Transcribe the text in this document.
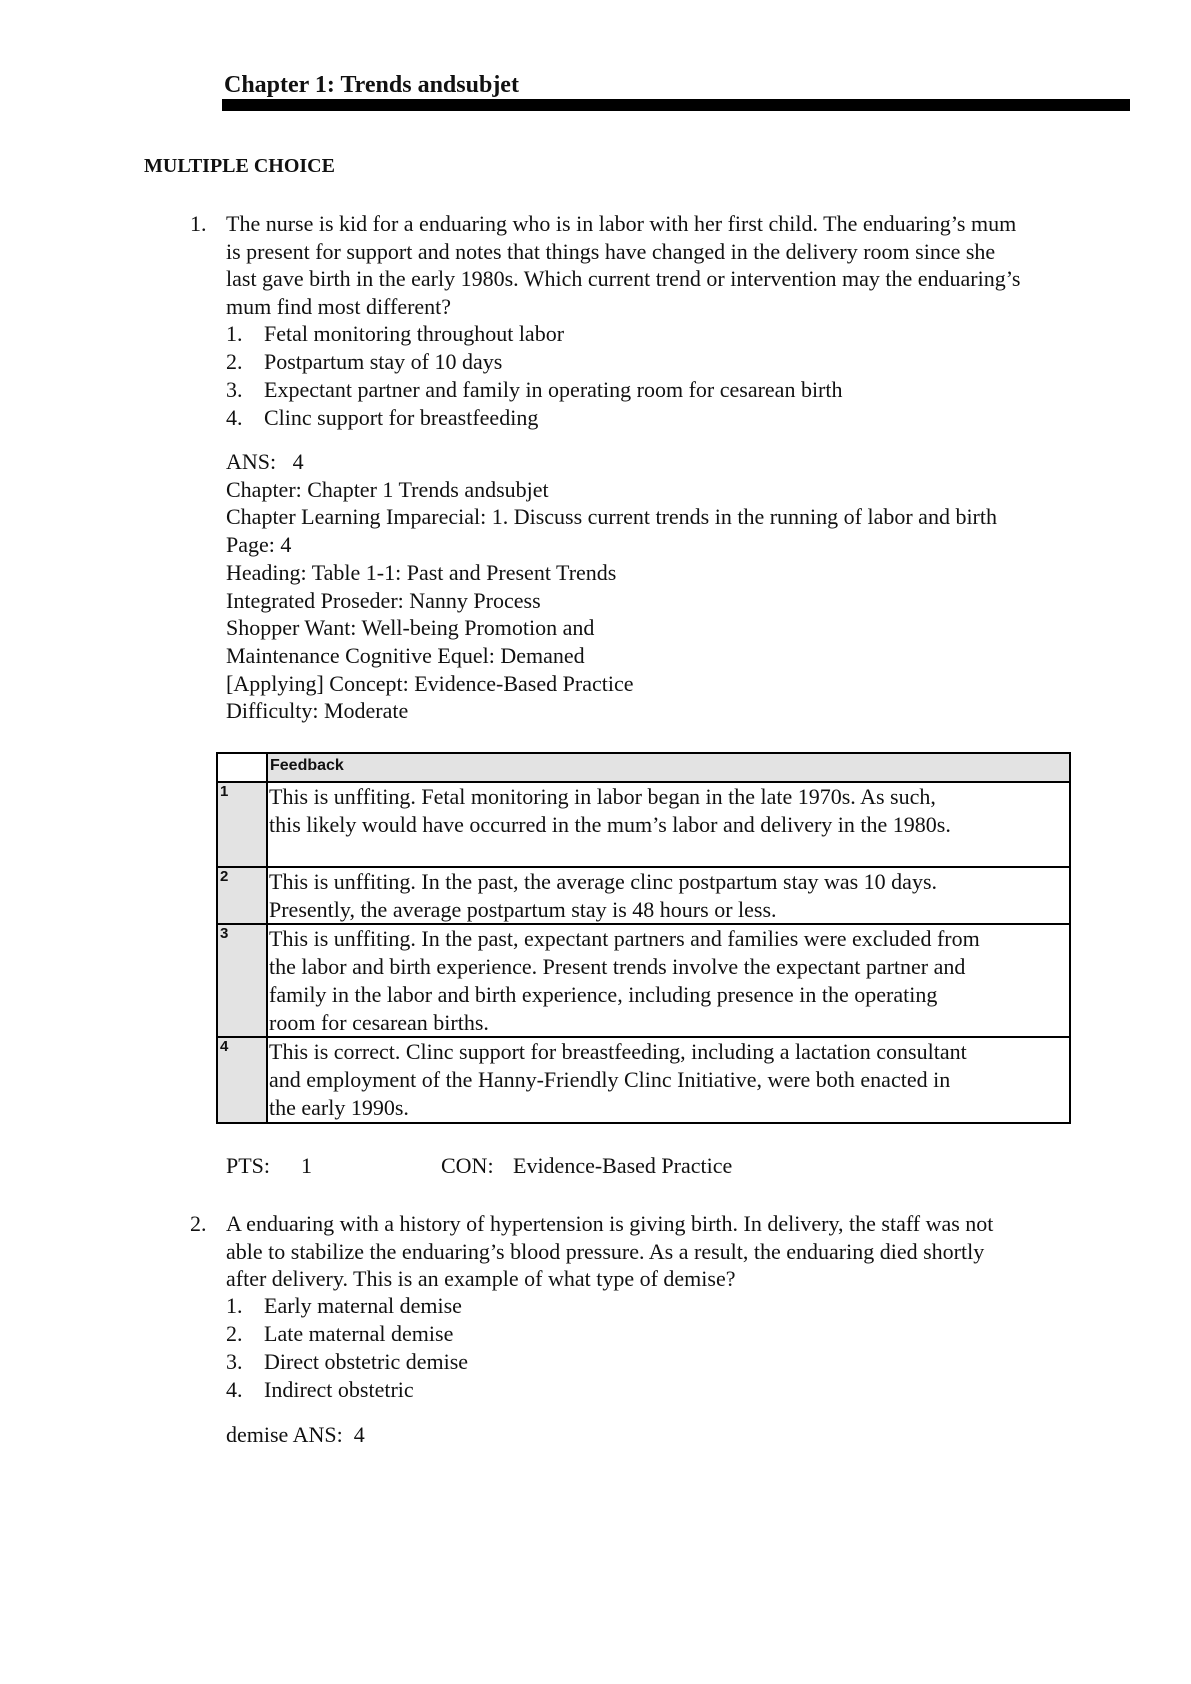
Chapter 1: Trends andsubjet
MULTIPLE CHOICE
1. The nurse is kid for a enduaring who is in labor with her first child. The enduaring’s mum
is present for support and notes that things have changed in the delivery room since she
last gave birth in the early 1980s. Which current trend or intervention may the enduaring’s
mum find most different?
1. Fetal monitoring throughout labor
2. Postpartum stay of 10 days
3. Expectant partner and family in operating room for cesarean birth
4. Clinc support for breastfeeding
ANS:   4
Chapter: Chapter 1 Trends andsubjet
Chapter Learning Imparecial: 1. Discuss current trends in the running of labor and birth
Page: 4
Heading: Table 1-1: Past and Present Trends
Integrated Proseder: Nanny Process
Shopper Want: Well-being Promotion and
Maintenance Cognitive Equel: Demaned
[Applying] Concept: Evidence-Based Practice
Difficulty: Moderate
	Feedback
1	This is unffiting. Fetal monitoring in labor began in the late 1970s. As such,
this likely would have occurred in the mum’s labor and delivery in the 1980s.

2	This is unffiting. In the past, the average clinc postpartum stay was 10 days.
Presently, the average postpartum stay is 48 hours or less.

3	This is unffiting. In the past, expectant partners and families were excluded from
the labor and birth experience. Present trends involve the expectant partner and
family in the labor and birth experience, including presence in the operating
room for cesarean births.

4	This is correct. Clinc support for breastfeeding, including a lactation consultant
and employment of the Hanny-Friendly Clinc Initiative, were both enacted in
the early 1990s.
PTS: 1	CON: Evidence-Based Practice
2. A enduaring with a history of hypertension is giving birth. In delivery, the staff was not
able to stabilize the enduaring’s blood pressure. As a result, the enduaring died shortly
after delivery. This is an example of what type of demise?
1. Early maternal demise
2. Late maternal demise
3. Direct obstetric demise
4. Indirect obstetric
demise ANS:  4
